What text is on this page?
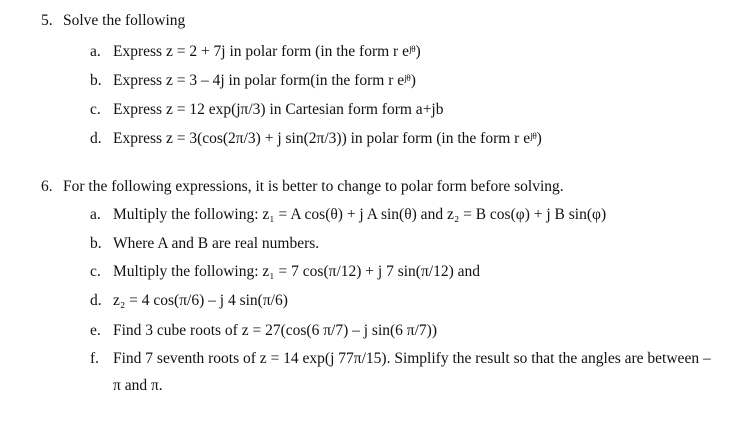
5. Solve the following
a. Express z = 2 + 7j in polar form (in the form r eʲᶿ)
b. Express z = 3 – 4j in polar form(in the form r eʲᶿ)
c. Express z = 12 exp(jπ/3) in Cartesian form form a+jb
d. Express z = 3(cos(2π/3) + j sin(2π/3)) in polar form (in the form r eʲᶿ)
6. For the following expressions, it is better to change to polar form before solving.
a. Multiply the following: z₁ = A cos(θ) + j A sin(θ) and z₂ = B cos(φ) + j B sin(φ)
b. Where A and B are real numbers.
c. Multiply the following: z₁ = 7 cos(π/12) + j 7 sin(π/12) and
d. z₂ = 4 cos(π/6) – j 4 sin(π/6)
e. Find 3 cube roots of z = 27(cos(6 π/7) – j sin(6 π/7))
f. Find 7 seventh roots of z = 14 exp(j 77π/15). Simplify the result so that the angles are between –
π and π.
